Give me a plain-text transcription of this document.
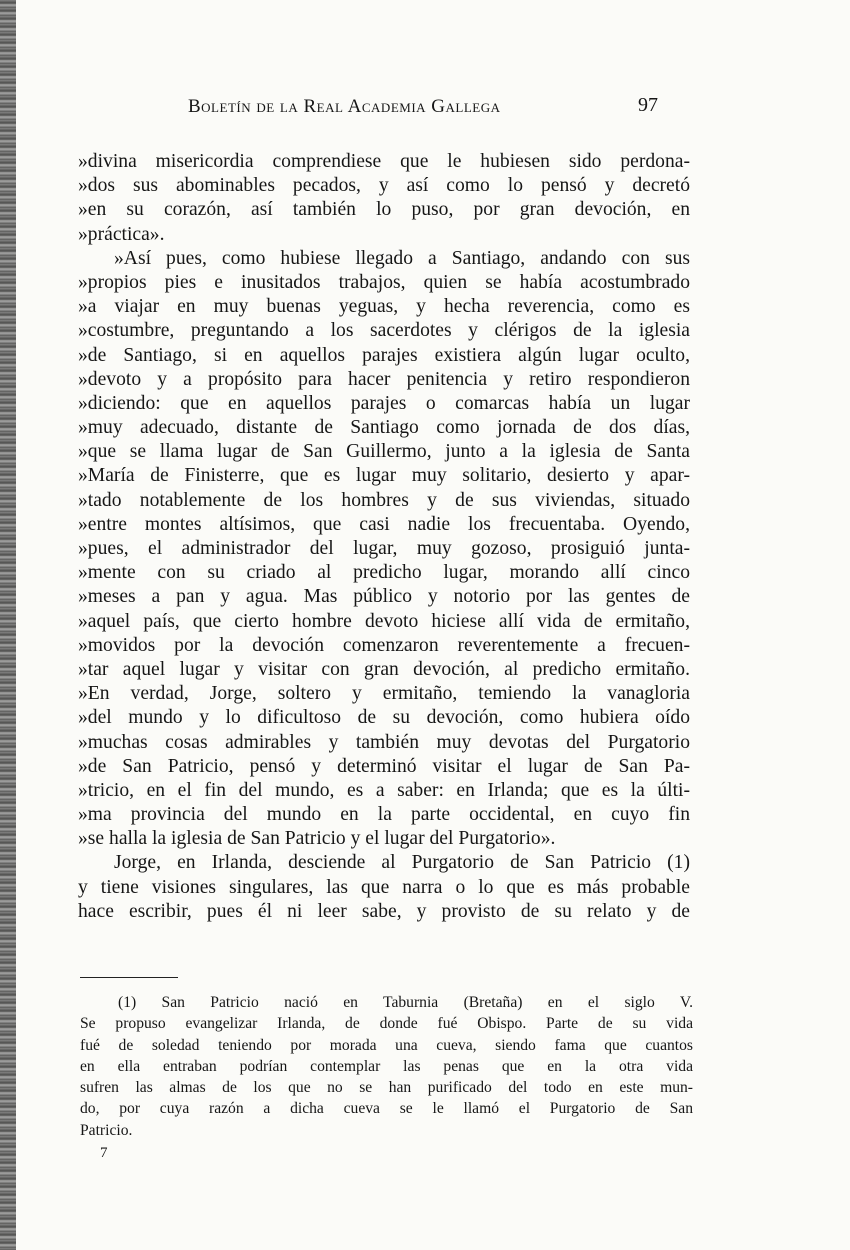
Boletín de la Real Academia Gallega	97
»divina misericordia comprendiese que le hubiesen sido perdona-
»dos sus abominables pecados, y así como lo pensó y decretó
»en su corazón, así también lo puso, por gran devoción, en
»práctica».
»Así pues, como hubiese llegado a Santiago, andando con sus
»propios pies e inusitados trabajos, quien se había acostumbrado
»a viajar en muy buenas yeguas, y hecha reverencia, como es
»costumbre, preguntando a los sacerdotes y clérigos de la iglesia
»de Santiago, si en aquellos parajes existiera algún lugar oculto,
»devoto y a propósito para hacer penitencia y retiro respondieron
»diciendo: que en aquellos parajes o comarcas había un lugar
»muy adecuado, distante de Santiago como jornada de dos días,
»que se llama lugar de San Guillermo, junto a la iglesia de Santa
»María de Finisterre, que es lugar muy solitario, desierto y apar-
»tado notablemente de los hombres y de sus viviendas, situado
»entre montes altísimos, que casi nadie los frecuentaba. Oyendo,
»pues, el administrador del lugar, muy gozoso, prosiguió junta-
»mente con su criado al predicho lugar, morando allí cinco
»meses a pan y agua. Mas público y notorio por las gentes de
»aquel país, que cierto hombre devoto hiciese allí vida de ermitaño,
»movidos por la devoción comenzaron reverentemente a frecuen-
»tar aquel lugar y visitar con gran devoción, al predicho ermitaño.
»En verdad, Jorge, soltero y ermitaño, temiendo la vanagloria
»del mundo y lo dificultoso de su devoción, como hubiera oído
»muchas cosas admirables y también muy devotas del Purgatorio
»de San Patricio, pensó y determinó visitar el lugar de San Pa-
»tricio, en el fin del mundo, es a saber: en Irlanda; que es la últi-
»ma provincia del mundo en la parte occidental, en cuyo fin
»se halla la iglesia de San Patricio y el lugar del Purgatorio».
Jorge, en Irlanda, desciende al Purgatorio de San Patricio (1)
y tiene visiones singulares, las que narra o lo que es más probable
hace escribir, pues él ni leer sabe, y provisto de su relato y de
(1) San Patricio nació en Taburnia (Bretaña) en el siglo V.
Se propuso evangelizar Irlanda, de donde fué Obispo. Parte de su vida
fué de soledad teniendo por morada una cueva, siendo fama que cuantos
en ella entraban podrían contemplar las penas que en la otra vida
sufren las almas de los que no se han purificado del todo en este mun-
do, por cuya razón a dicha cueva se le llamó el Purgatorio de San
Patricio.
7
